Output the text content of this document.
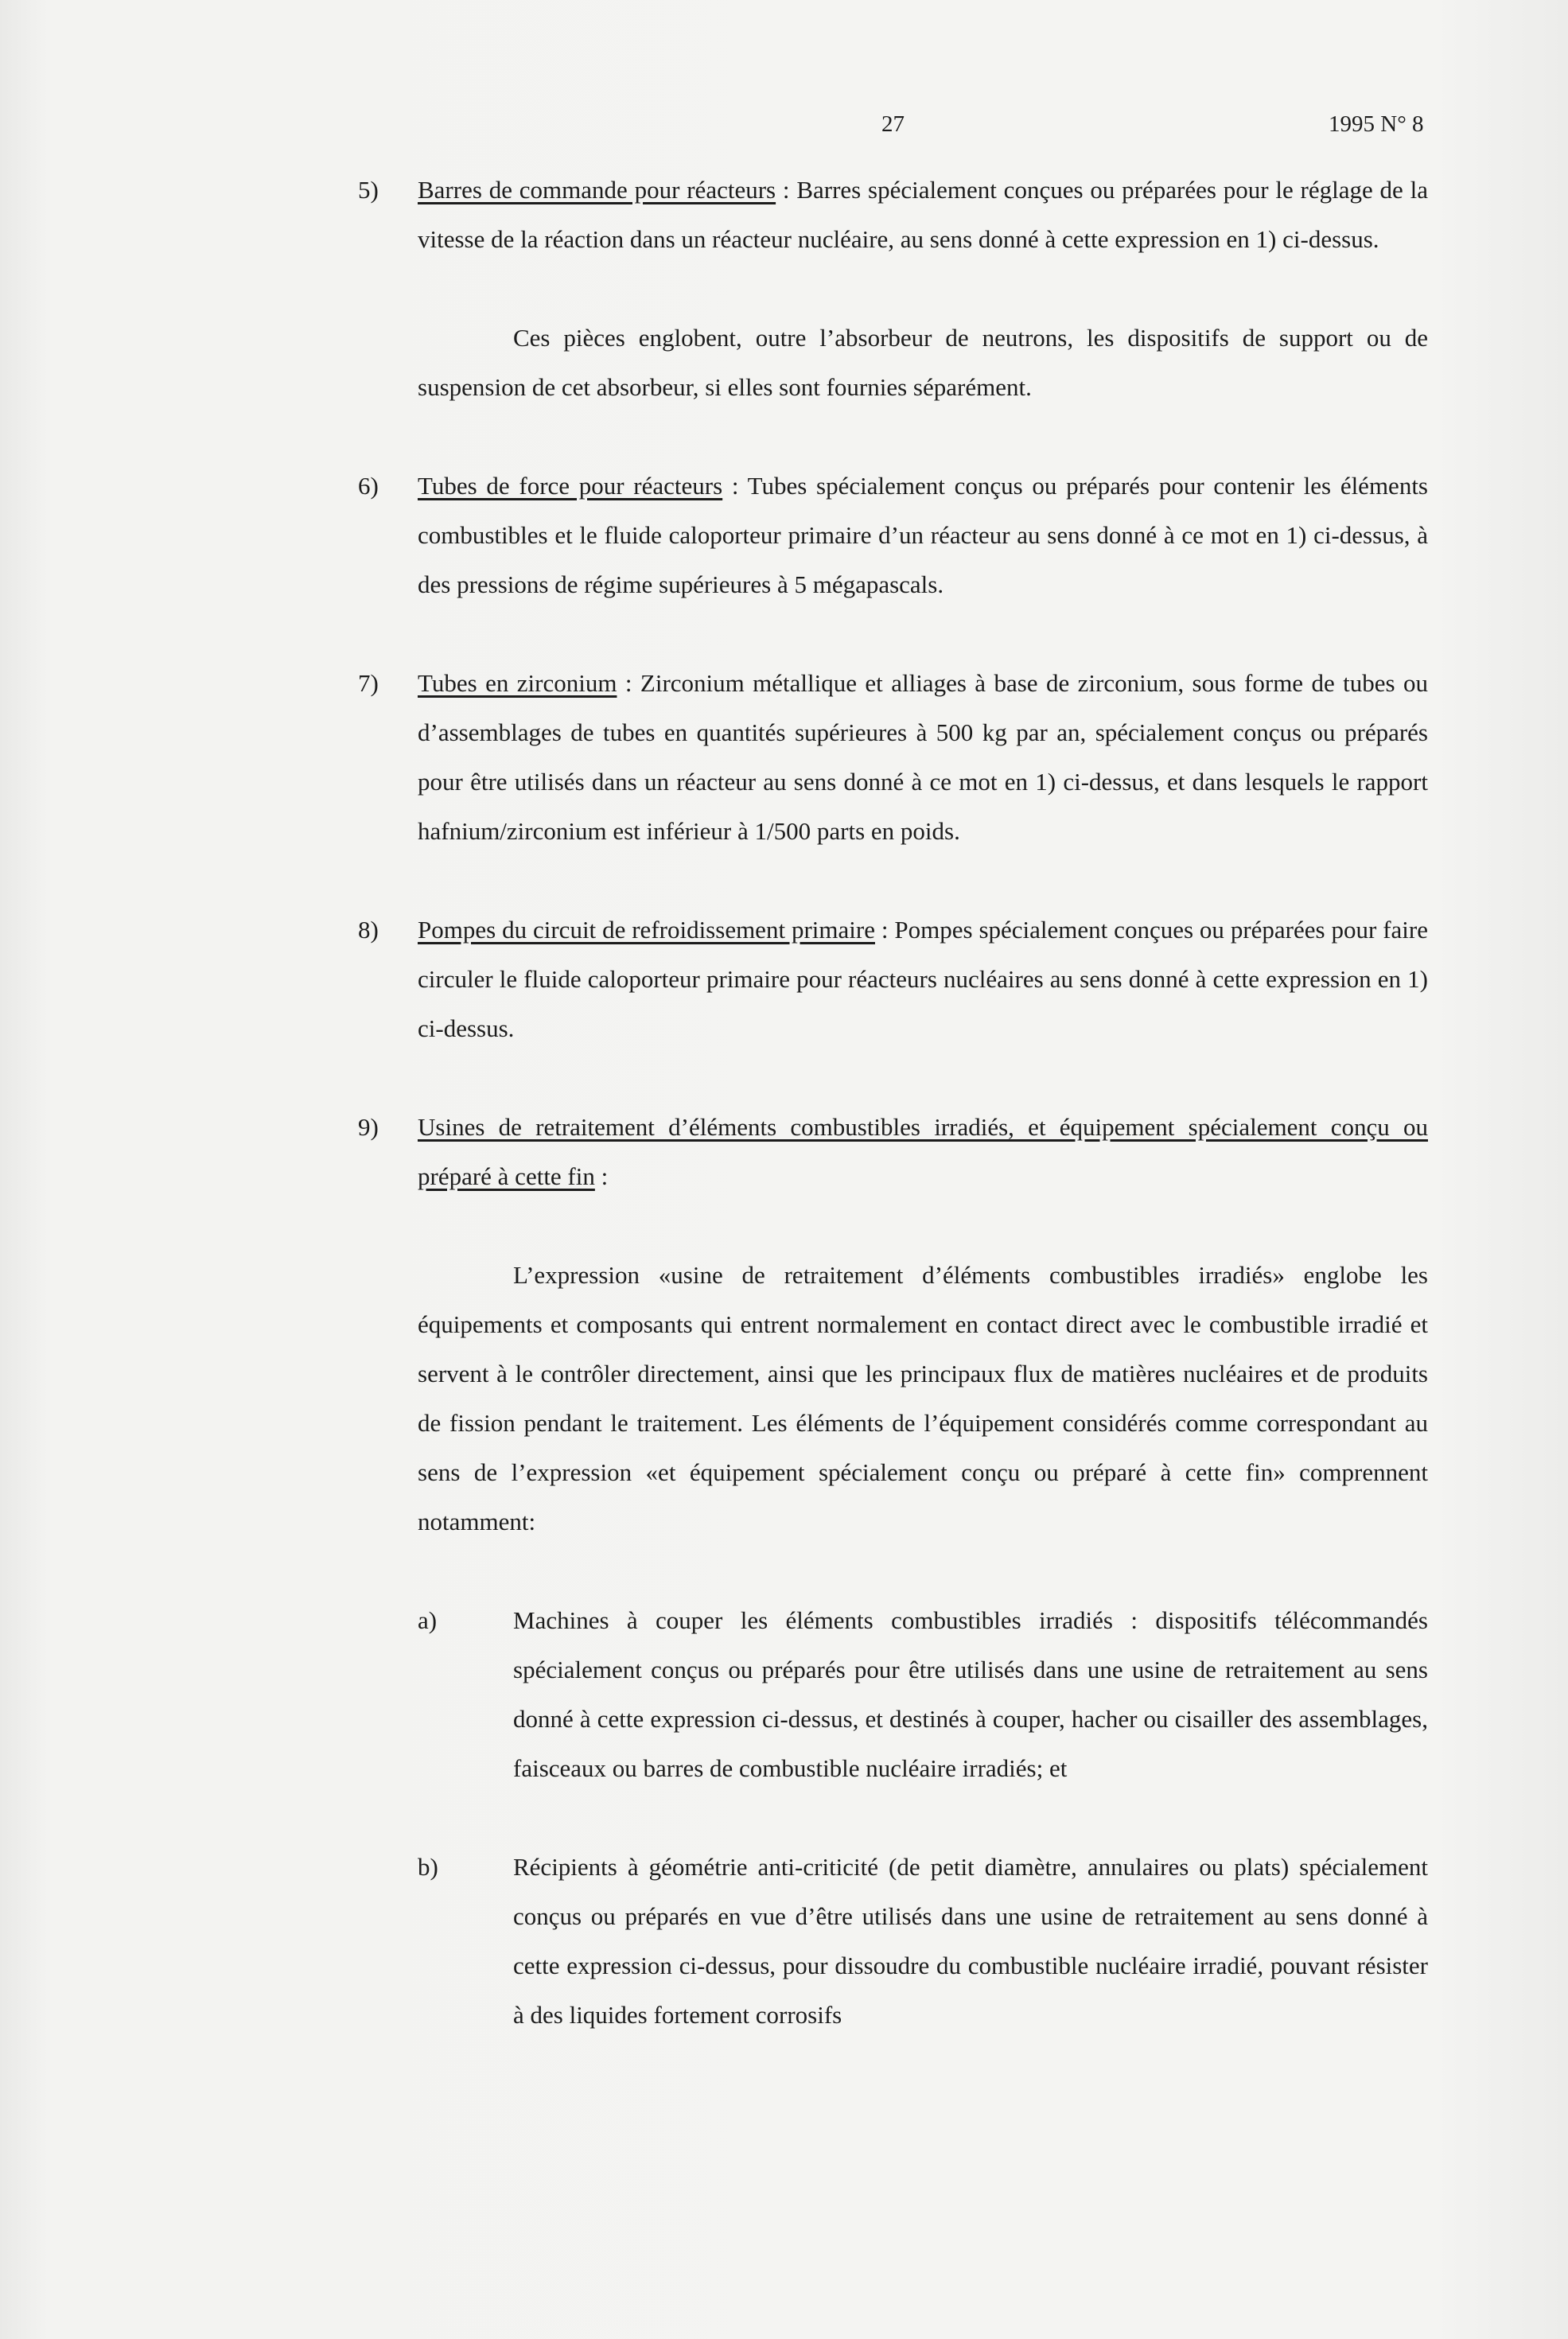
27	1995 N° 8
5) Barres de commande pour réacteurs : Barres spécialement conçues ou préparées pour le réglage de la vitesse de la réaction dans un réacteur nucléaire, au sens donné à cette expression en 1) ci-dessus.
Ces pièces englobent, outre l’absorbeur de neutrons, les dispositifs de support ou de suspension de cet absorbeur, si elles sont fournies séparément.
6) Tubes de force pour réacteurs : Tubes spécialement conçus ou préparés pour contenir les éléments combustibles et le fluide caloporteur primaire d’un réacteur au sens donné à ce mot en 1) ci-dessus, à des pressions de régime supérieures à 5 mégapascals.
7) Tubes en zirconium : Zirconium métallique et alliages à base de zirconium, sous forme de tubes ou d’assemblages de tubes en quantités supérieures à 500 kg par an, spécialement conçus ou préparés pour être utilisés dans un réacteur au sens donné à ce mot en 1) ci-dessus, et dans lesquels le rapport hafnium/zirconium est inférieur à 1/500 parts en poids.
8) Pompes du circuit de refroidissement primaire : Pompes spécialement conçues ou préparées pour faire circuler le fluide caloporteur primaire pour réacteurs nucléaires au sens donné à cette expression en 1) ci-dessus.
9) Usines de retraitement d’éléments combustibles irradiés, et équipement spécialement conçu ou préparé à cette fin :
L’expression «usine de retraitement d’éléments combustibles irradiés» englobe les équipements et composants qui entrent normalement en contact direct avec le combustible irradié et servent à le contrôler directement, ainsi que les principaux flux de matières nucléaires et de produits de fission pendant le traitement. Les éléments de l’équipement considérés comme correspondant au sens de l’expression «et équipement spécialement conçu ou préparé à cette fin» comprennent notamment:
a)	Machines à couper les éléments combustibles irradiés : dispositifs télécommandés spécialement conçus ou préparés pour être utilisés dans une usine de retraitement au sens donné à cette expression ci-dessus, et destinés à couper, hacher ou cisailler des assemblages, faisceaux ou barres de combustible nucléaire irradiés; et
b)	Récipients à géométrie anti-criticité (de petit diamètre, annulaires ou plats) spécialement conçus ou préparés en vue d’être utilisés dans une usine de retraitement au sens donné à cette expression ci-dessus, pour dissoudre du combustible nucléaire irradié, pouvant résister à des liquides fortement corrosifs
